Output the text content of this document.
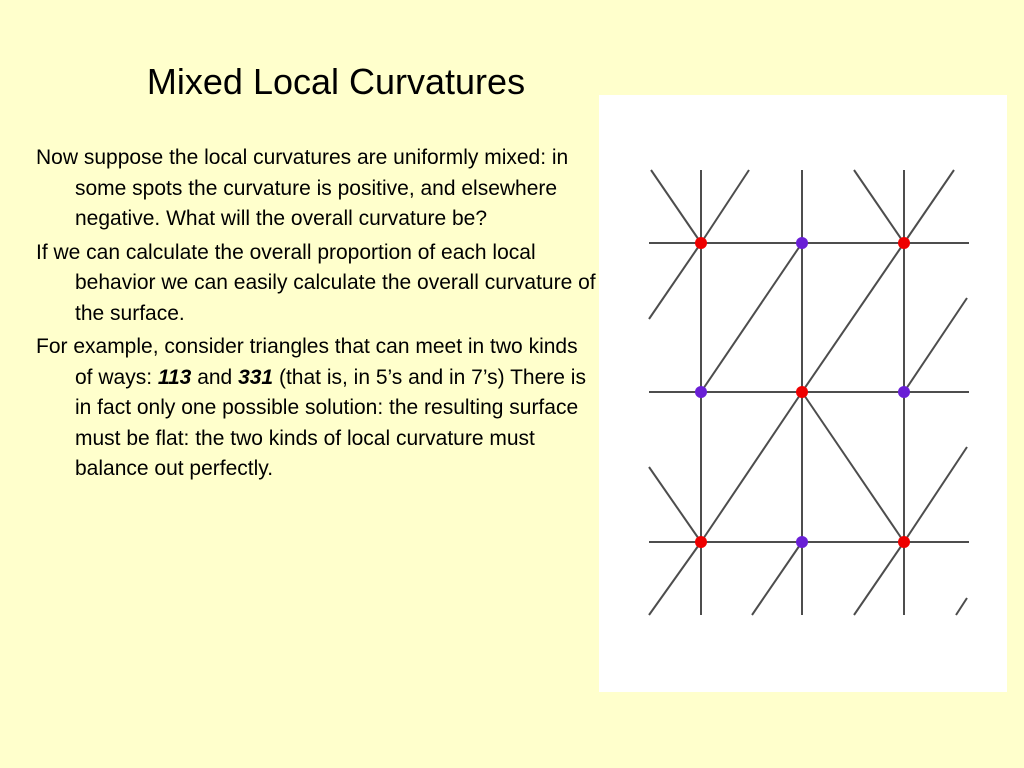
Mixed Local Curvatures

Now suppose the local curvatures are uniformly mixed: in some spots the curvature is positive, and elsewhere negative. What will the overall curvature be?

If we can calculate the overall proportion of each local behavior we can easily calculate the overall curvature of the surface.

For example, consider triangles that can meet in two kinds of ways: 113 and 331 (that is, in 5’s and in 7’s) There is in fact only one possible solution: the resulting surface must be flat: the two kinds of local curvature must balance out perfectly.
